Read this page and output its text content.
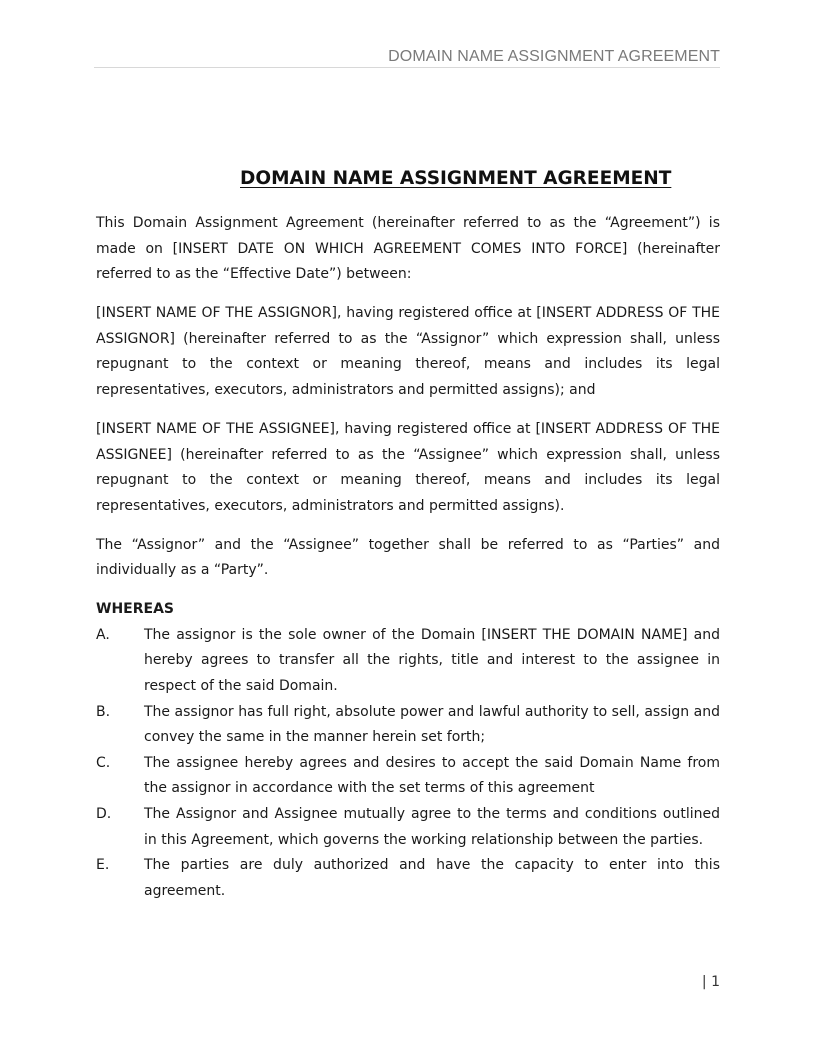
DOMAIN NAME ASSIGNMENT AGREEMENT
DOMAIN NAME ASSIGNMENT AGREEMENT

This Domain Assignment Agreement (hereinafter referred to as the “Agreement”) is made on [INSERT DATE ON WHICH AGREEMENT COMES INTO FORCE] (hereinafter referred to as the “Effective Date”) between:

[INSERT NAME OF THE ASSIGNOR], having registered office at [INSERT ADDRESS OF THE ASSIGNOR] (hereinafter referred to as the “Assignor” which expression shall, unless repugnant to the context or meaning thereof, means and includes its legal representatives, executors, administrators and permitted assigns); and

[INSERT NAME OF THE ASSIGNEE], having registered office at [INSERT ADDRESS OF THE ASSIGNEE] (hereinafter referred to as the “Assignee” which expression shall, unless repugnant to the context or meaning thereof, means and includes its legal representatives, executors, administrators and permitted assigns).

The “Assignor” and the “Assignee” together shall be referred to as “Parties” and individually as a “Party”.

WHEREAS

A.	The assignor is the sole owner of the Domain [INSERT THE DOMAIN NAME] and hereby agrees to transfer all the rights, title and interest to the assignee in respect of the said Domain.
B.	The assignor has full right, absolute power and lawful authority to sell, assign and convey the same in the manner herein set forth;
C.	The assignee hereby agrees and desires to accept the said Domain Name from the assignor in accordance with the set terms of this agreement
D.	The Assignor and Assignee mutually agree to the terms and conditions outlined in this Agreement, which governs the working relationship between the parties.
E.	The parties are duly authorized and have the capacity to enter into this agreement.
| 1
